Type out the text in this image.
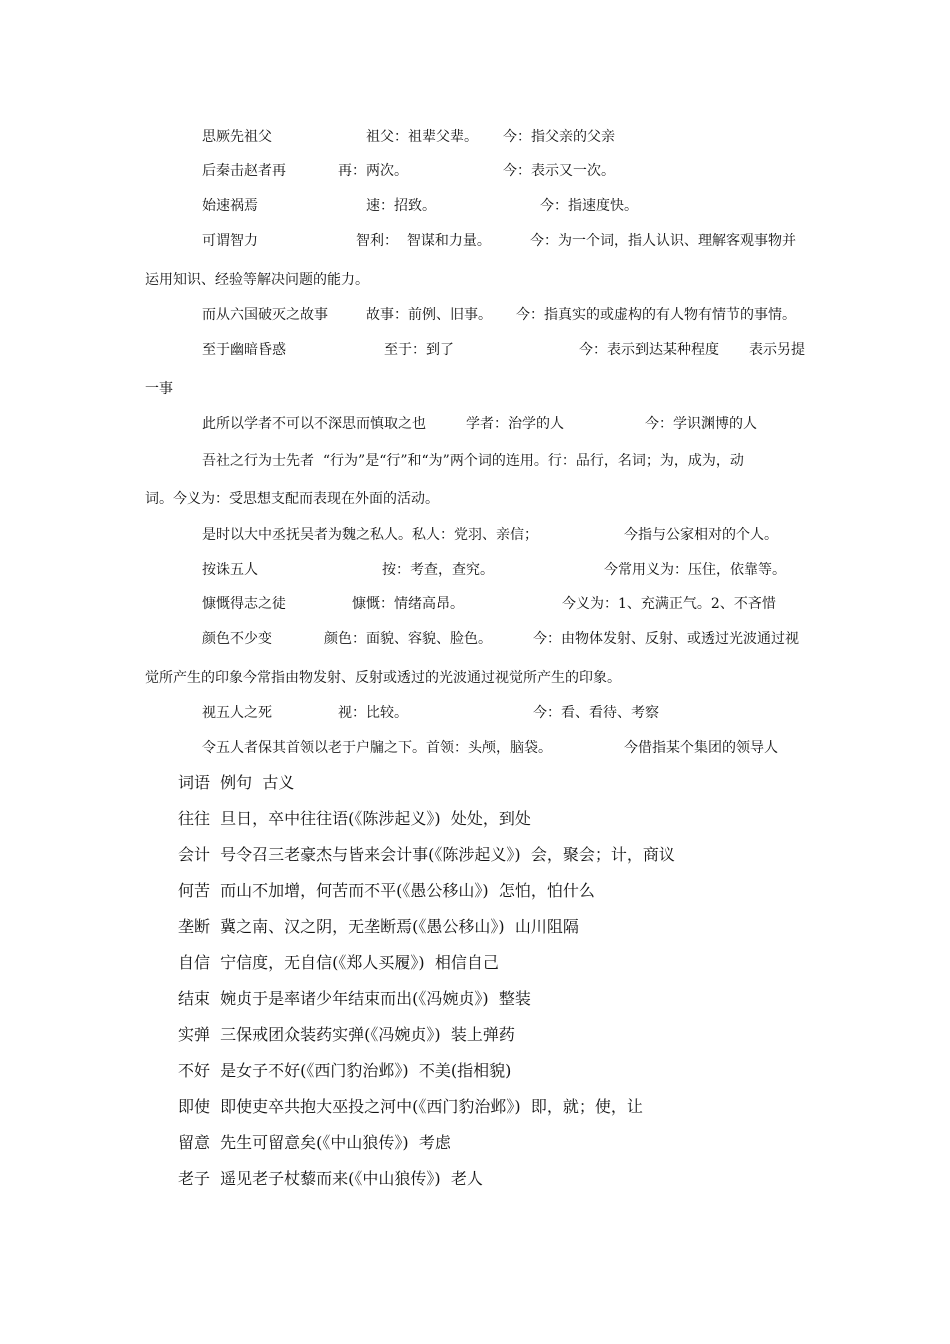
思厥先祖父	祖父：祖辈父辈。 今：指父亲的父亲
后秦击赵者再	再：两次。	今：表示又一次。
始速祸焉	速：招致。	今：指速度快。
可谓智力	智利：  智谋和力量。	今：为一个词，指人认识、理解客观事物并
运用知识、经验等解决问题的能力。
而从六国破灭之故事	故事：前例、旧事。 今：指真实的或虚构的有人物有情节的事情。
至于幽暗昏惑	至于：到了	今：表示到达某种程度 表示另提
一事
此所以学者不可以不深思而慎取之也	学者：治学的人	今：学识渊博的人
吾社之行为士先者  “行为”是“行”和“为”两个词的连用。行：品行，名词；为，成为，动
词。今义为：受思想支配而表现在外面的活动。
是时以大中丞抚吴者为魏之私人。私人：党羽、亲信；	今指与公家相对的个人。
按诛五人	按：考查，查究。	今常用义为：压住，依靠等。
慷慨得志之徒	慷慨：情绪高昂。	今义为：1、充满正气。2、不吝惜
颜色不少变	颜色：面貌、容貌、脸色。	今：由物体发射、反射、或透过光波通过视
觉所产生的印象今常指由物发射、反射或透过的光波通过视觉所产生的印象。
视五人之死	视：比较。	今：看、看待、考察
令五人者保其首领以老于户牖之下。首领：头颅，脑袋。	今借指某个集团的领导人
词语  例句  古义
往往  旦日，卒中往往语(《陈涉起义》)  处处，到处
会计  号令召三老豪杰与皆来会计事(《陈涉起义》)  会，聚会；计，商议
何苦  而山不加增，何苦而不平(《愚公移山》)  怎怕，怕什么
垄断  冀之南、汉之阴，无垄断焉(《愚公移山》)  山川阻隔
自信  宁信度，无自信(《郑人买履》)  相信自己
结束  婉贞于是率诸少年结束而出(《冯婉贞》)  整装
实弹  三保戒团众装药实弹(《冯婉贞》)  装上弹药
不好  是女子不好(《西门豹治邺》)  不美(指相貌)
即使  即使吏卒共抱大巫投之河中(《西门豹治邺》)  即，就；使，让
留意  先生可留意矣(《中山狼传》)  考虑
老子  遥见老子杖藜而来(《中山狼传》)  老人
